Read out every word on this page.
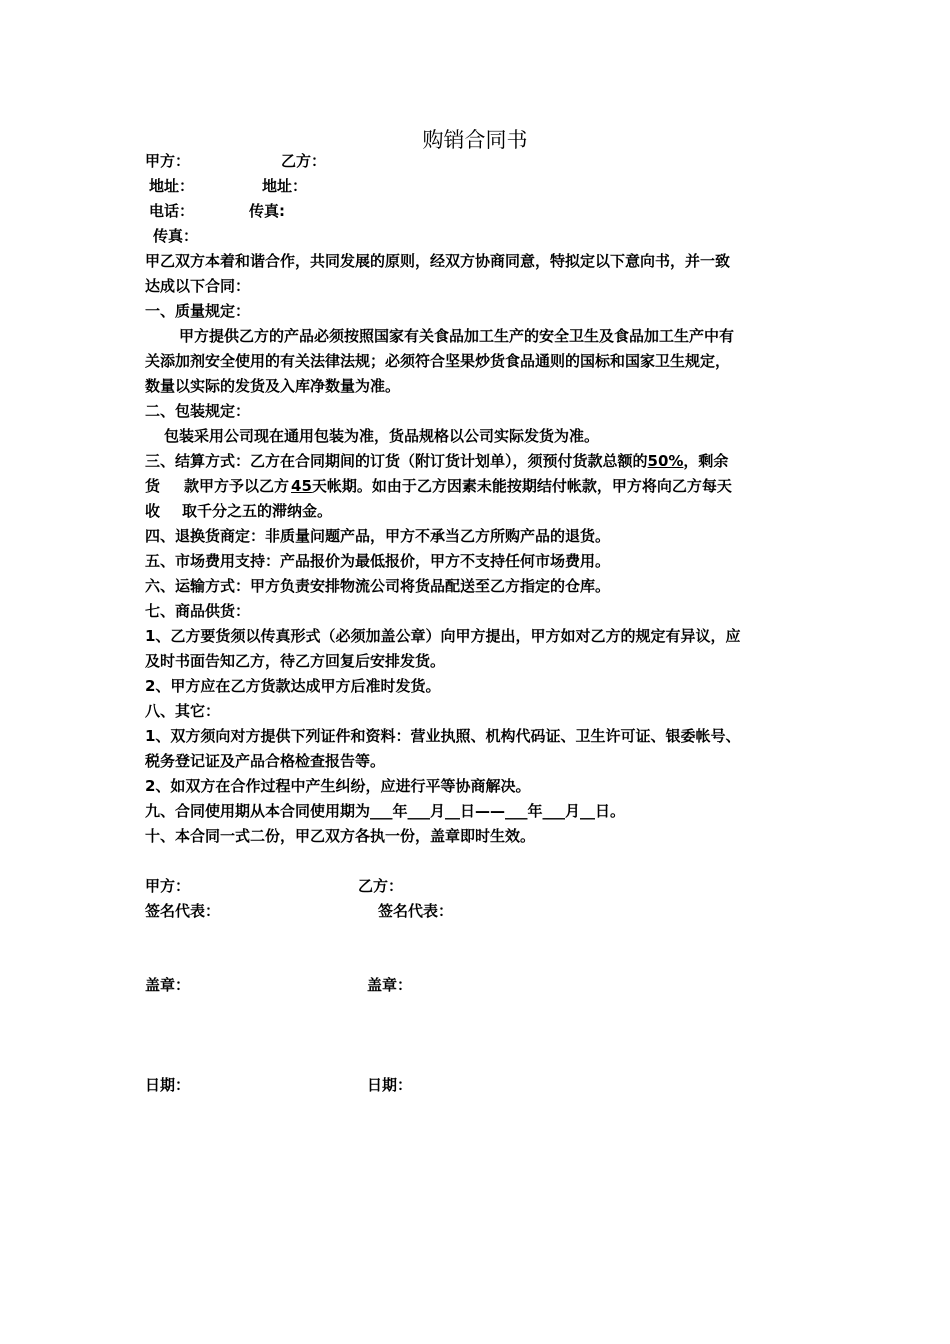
购销合同书
甲方：	乙方：
地址：	地址：
电话：	传真:
传真：
甲乙双方本着和谐合作，共同发展的原则，经双方协商同意，特拟定以下意向书，并一致
达成以下合同：
一、质量规定：
甲方提供乙方的产品必须按照国家有关食品加工生产的安全卫生及食品加工生产中有
关添加剂安全使用的有关法律法规；必须符合坚果炒货食品通则的国标和国家卫生规定，
数量以实际的发货及入库净数量为准。
二、包装规定：
包装采用公司现在通用包装为准，货品规格以公司实际发货为准。
三、结算方式：乙方在合同期间的订货（附订货计划单），须预付货款总额的50%，剩余
货 款甲方予以乙方 45天帐期。如由于乙方因素未能按期结付帐款，甲方将向乙方每天
收 取千分之五的滞纳金。
四、退换货商定：非质量问题产品，甲方不承当乙方所购产品的退货。
五、市场费用支持：产品报价为最低报价，甲方不支持任何市场费用。
六、运输方式：甲方负责安排物流公司将货品配送至乙方指定的仓库。
七、商品供货：
1、乙方要货须以传真形式（必须加盖公章）向甲方提出，甲方如对乙方的规定有异议，应
及时书面告知乙方，待乙方回复后安排发货。
2、甲方应在乙方货款达成甲方后准时发货。
八、其它：
1、双方须向对方提供下列证件和资料：营业执照、机构代码证、卫生许可证、银委帐号、
税务登记证及产品合格检查报告等。
2、如双方在合作过程中产生纠纷，应进行平等协商解决。
九、合同使用期从本合同使用期为___年___月__日——___年___月__日。
十、本合同一式二份，甲乙双方各执一份，盖章即时生效。
甲方：	乙方：
签名代表：	签名代表：
盖章：	盖章：
日期：	日期：
